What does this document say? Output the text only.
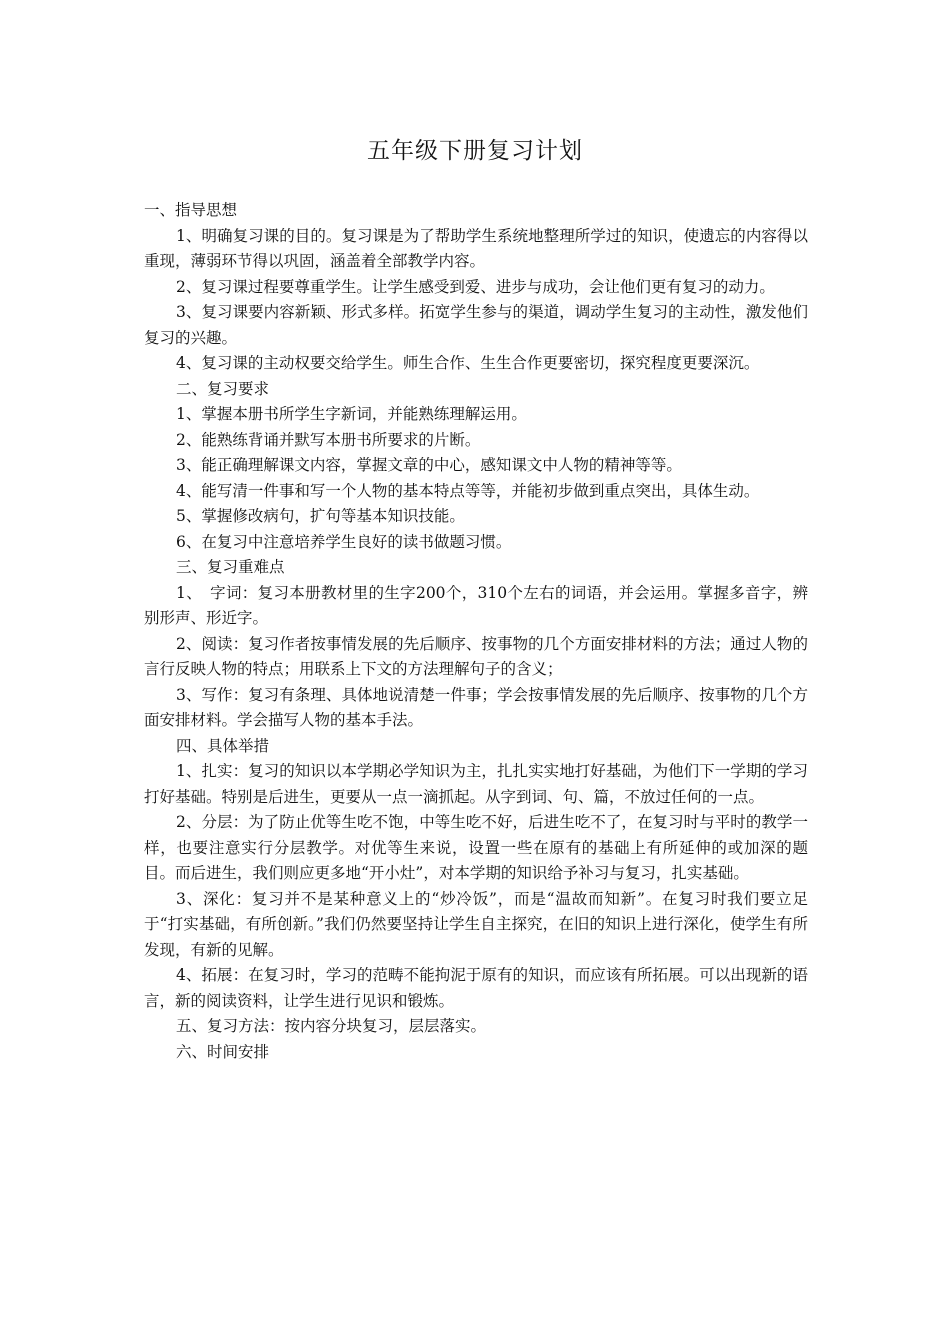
五年级下册复习计划

一、指导思想

1、明确复习课的目的。复习课是为了帮助学生系统地整理所学过的知识，使遗忘的内容得以重现，薄弱环节得以巩固，涵盖着全部教学内容。

2、复习课过程要尊重学生。让学生感受到爱、进步与成功，会让他们更有复习的动力。

3、复习课要内容新颖、形式多样。拓宽学生参与的渠道，调动学生复习的主动性，激发他们复习的兴趣。

4、复习课的主动权要交给学生。师生合作、生生合作更要密切，探究程度更要深沉。

二、复习要求

1、掌握本册书所学生字新词，并能熟练理解运用。

2、能熟练背诵并默写本册书所要求的片断。

3、能正确理解课文内容，掌握文章的中心，感知课文中人物的精神等等。

4、能写清一件事和写一个人物的基本特点等等，并能初步做到重点突出，具体生动。

5、掌握修改病句，扩句等基本知识技能。

6、在复习中注意培养学生良好的读书做题习惯。

三、复习重难点

1、　字词：复习本册教材里的生字200个，310个左右的词语，并会运用。掌握多音字，辨别形声、形近字。

2、阅读：复习作者按事情发展的先后顺序、按事物的几个方面安排材料的方法；通过人物的言行反映人物的特点；用联系上下文的方法理解句子的含义；

3、写作：复习有条理、具体地说清楚一件事；学会按事情发展的先后顺序、按事物的几个方面安排材料。学会描写人物的基本手法。

四、具体举措

1、扎实：复习的知识以本学期必学知识为主，扎扎实实地打好基础，为他们下一学期的学习打好基础。特别是后进生，更要从一点一滴抓起。从字到词、句、篇，不放过任何的一点。

2、分层：为了防止优等生吃不饱，中等生吃不好，后进生吃不了，在复习时与平时的教学一样，也要注意实行分层教学。对优等生来说，设置一些在原有的基础上有所延伸的或加深的题目。而后进生，我们则应更多地“开小灶”，对本学期的知识给予补习与复习，扎实基础。

3、深化：复习并不是某种意义上的“炒冷饭”，而是“温故而知新”。在复习时我们要立足于“打实基础，有所创新。”我们仍然要坚持让学生自主探究，在旧的知识上进行深化，使学生有所发现，有新的见解。

4、拓展：在复习时，学习的范畴不能拘泥于原有的知识，而应该有所拓展。可以出现新的语言，新的阅读资料，让学生进行见识和锻炼。

五、复习方法：按内容分块复习，层层落实。

六、时间安排
